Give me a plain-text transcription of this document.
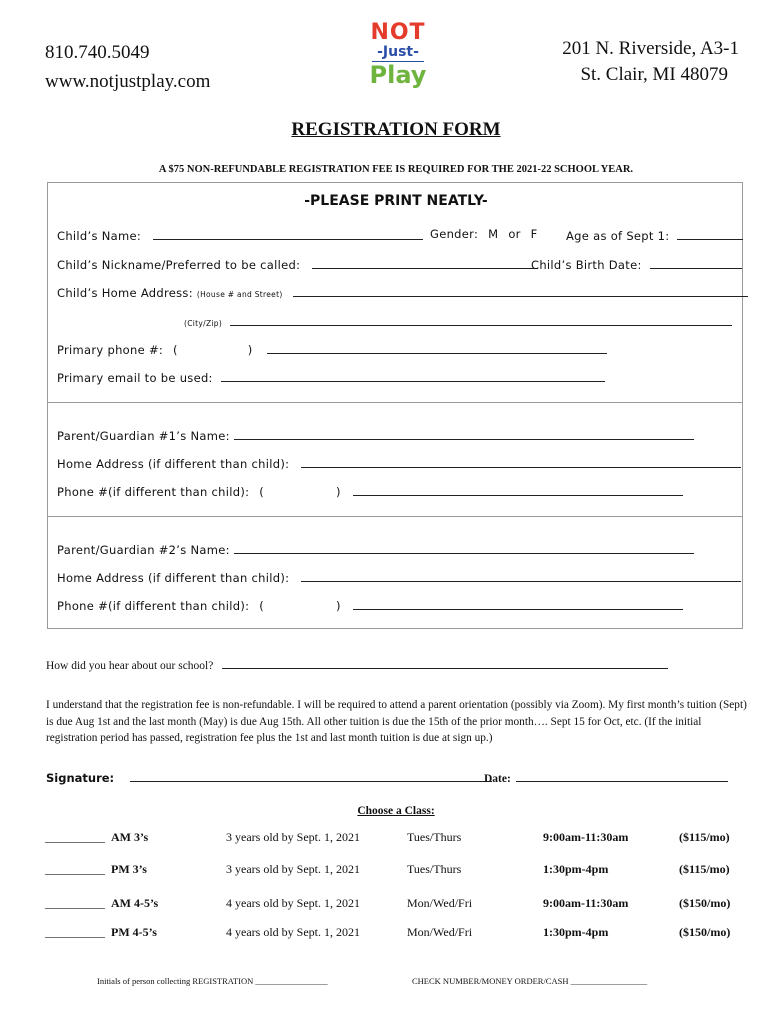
810.740.5049
www.notjustplay.com
201 N. Riverside, A3-1
St. Clair, MI 48079
NOT
-Just-
Play
REGISTRATION FORM
A $75 NON-REFUNDABLE REGISTRATION FEE IS REQUIRED FOR THE 2021-22 SCHOOL YEAR.
-PLEASE PRINT NEATLY-
Child’s Name:	Gender: M or F Age as of Sept 1:
Child’s Nickname/Preferred to be called:	Child’s Birth Date:
Child’s Home Address: (House # and Street)
(City/Zip)
Primary phone #: (	)
Primary email to be used:
Parent/Guardian #1’s Name:
Home Address (if different than child):
Phone #(if different than child): (	)
Parent/Guardian #2’s Name:
Home Address (if different than child):
Phone #(if different than child): (	)
How did you hear about our school?
I understand that the registration fee is non-refundable. I will be required to attend a parent orientation (possibly via Zoom). My first month’s tuition (Sept) is due Aug 1st and the last month (May) is due Aug 15th. All other tuition is due the 15th of the prior month…. Sept 15 for Oct, etc. (If the initial registration period has passed, registration fee plus the 1st and last month tuition is due at sign up.)
Signature:	Date:
Choose a Class:
__________ AM 3’s	3 years old by Sept. 1, 2021	Tues/Thurs	9:00am-11:30am	($115/mo)
__________ PM 3’s	3 years old by Sept. 1, 2021	Tues/Thurs	1:30pm-4pm	($115/mo)
__________ AM 4-5’s	4 years old by Sept. 1, 2021	Mon/Wed/Fri	9:00am-11:30am	($150/mo)
__________ PM 4-5’s	4 years old by Sept. 1, 2021	Mon/Wed/Fri	1:30pm-4pm	($150/mo)
Initials of person collecting REGISTRATION _________________	CHECK NUMBER/MONEY ORDER/CASH __________________
